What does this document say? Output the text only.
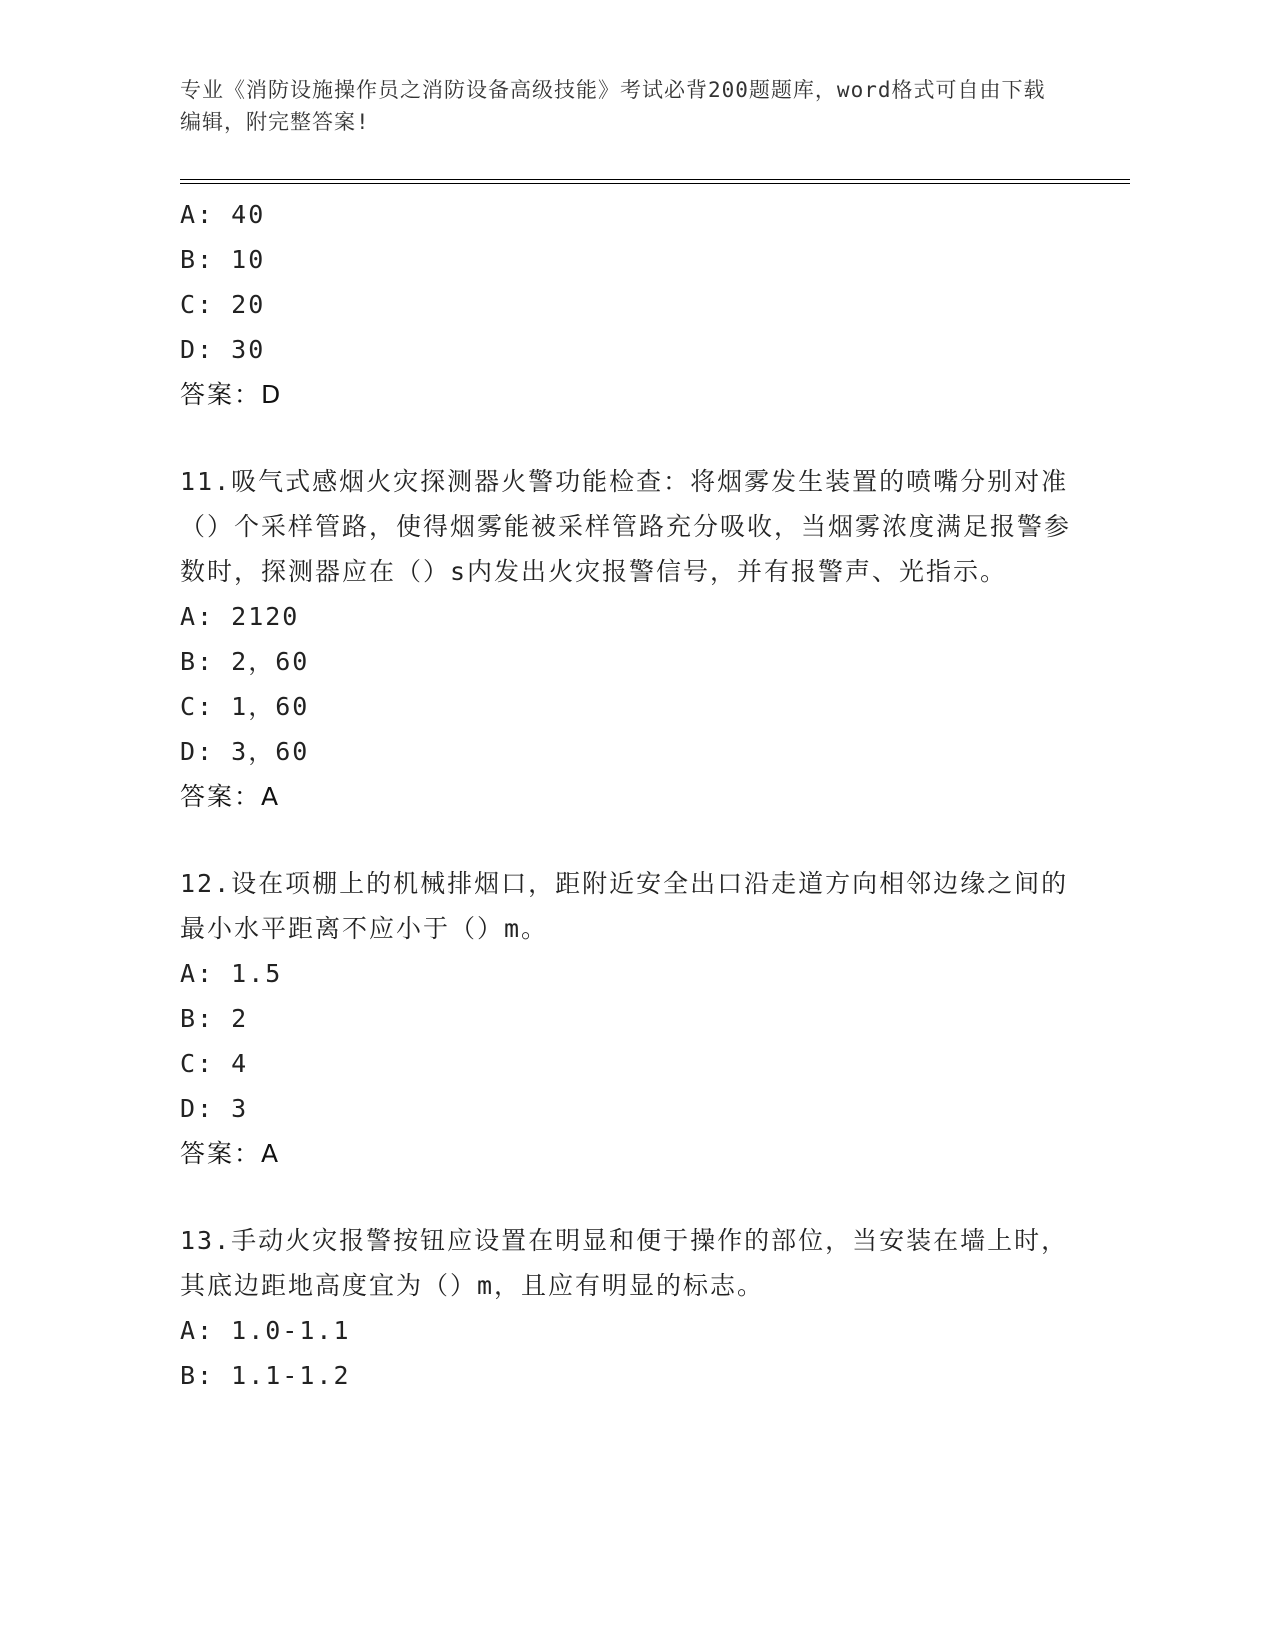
专业《消防设施操作员之消防设备高级技能》考试必背200题题库，word格式可自由下载编辑，附完整答案!
A: 40
B: 10
C: 20
D: 30
答案：D

11.吸气式感烟火灾探测器火警功能检查：将烟雾发生装置的喷嘴分别对准（）个采样管路，使得烟雾能被采样管路充分吸收，当烟雾浓度满足报警参数时，探测器应在（）s内发出火灾报警信号，并有报警声、光指示。

A: 2120
B: 2，60
C: 1，60
D: 3，60
答案：A

12.设在项棚上的机械排烟口，距附近安全出口沿走道方向相邻边缘之间的最小水平距离不应小于（）m。

A: 1.5
B: 2
C: 4
D: 3
答案：A

13.手动火灾报警按钮应设置在明显和便于操作的部位，当安装在墙上时，其底边距地高度宜为（）m，且应有明显的标志。

A: 1.0-1.1
B: 1.1-1.2
